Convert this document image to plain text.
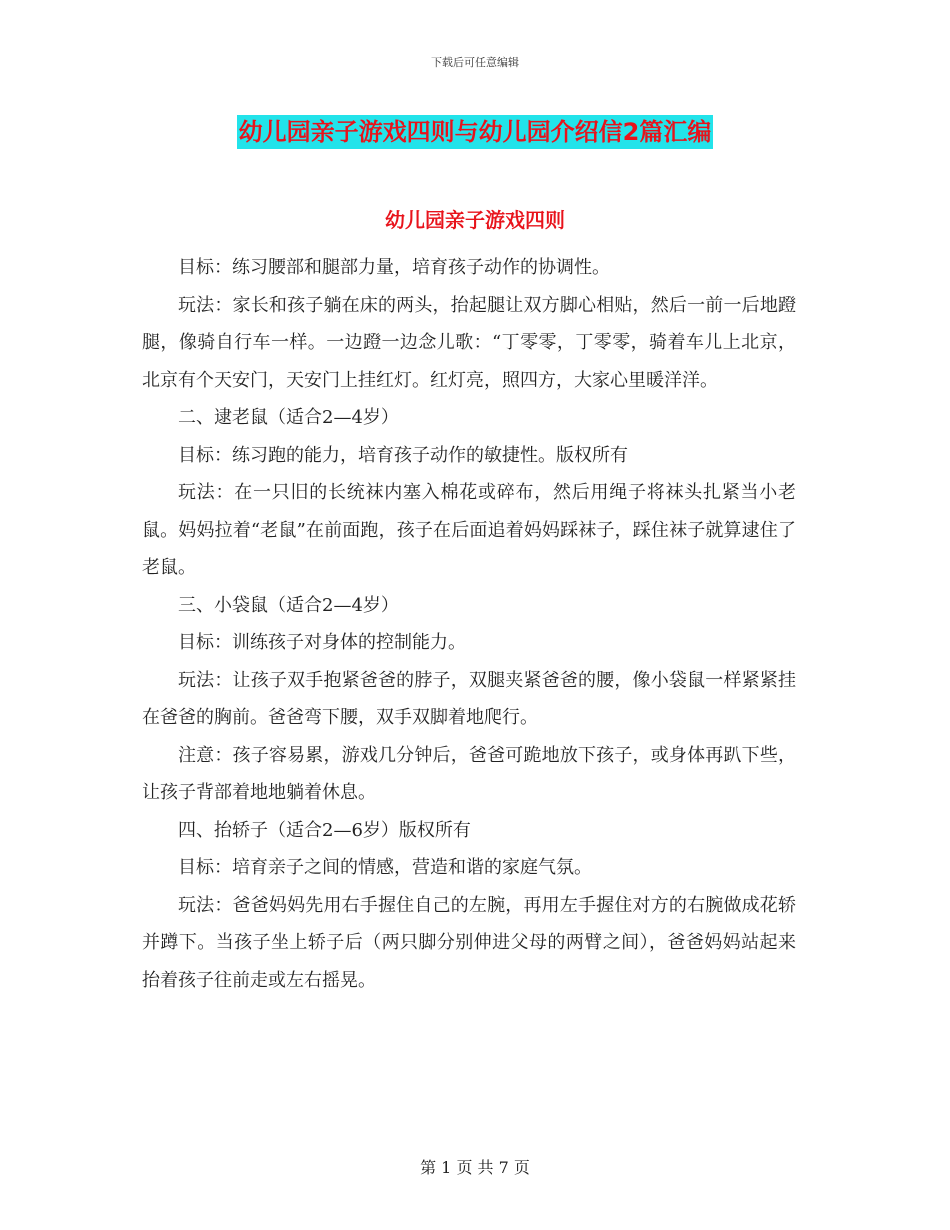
下载后可任意编辑
幼儿园亲子游戏四则与幼儿园介绍信2篇汇编
幼儿园亲子游戏四则

目标：练习腰部和腿部力量，培育孩子动作的协调性。

玩法：家长和孩子躺在床的两头，抬起腿让双方脚心相贴，然后一前一后地蹬腿，像骑自行车一样。一边蹬一边念儿歌：“丁零零，丁零零，骑着车儿上北京，北京有个天安门，天安门上挂红灯。红灯亮，照四方，大家心里暖洋洋。

二、逮老鼠（适合2—4岁）

目标：练习跑的能力，培育孩子动作的敏捷性。版权所有

玩法：在一只旧的长统袜内塞入棉花或碎布，然后用绳子将袜头扎紧当小老鼠。妈妈拉着“老鼠”在前面跑，孩子在后面追着妈妈踩袜子，踩住袜子就算逮住了老鼠。

三、小袋鼠（适合2—4岁）

目标：训练孩子对身体的控制能力。

玩法：让孩子双手抱紧爸爸的脖子，双腿夹紧爸爸的腰，像小袋鼠一样紧紧挂在爸爸的胸前。爸爸弯下腰，双手双脚着地爬行。

注意：孩子容易累，游戏几分钟后，爸爸可跪地放下孩子，或身体再趴下些，让孩子背部着地地躺着休息。

四、抬轿子（适合2—6岁）版权所有

目标：培育亲子之间的情感，营造和谐的家庭气氛。

玩法：爸爸妈妈先用右手握住自己的左腕，再用左手握住对方的右腕做成花轿并蹲下。当孩子坐上轿子后（两只脚分别伸进父母的两臂之间），爸爸妈妈站起来抬着孩子往前走或左右摇晃。

第 1 页 共 7 页
